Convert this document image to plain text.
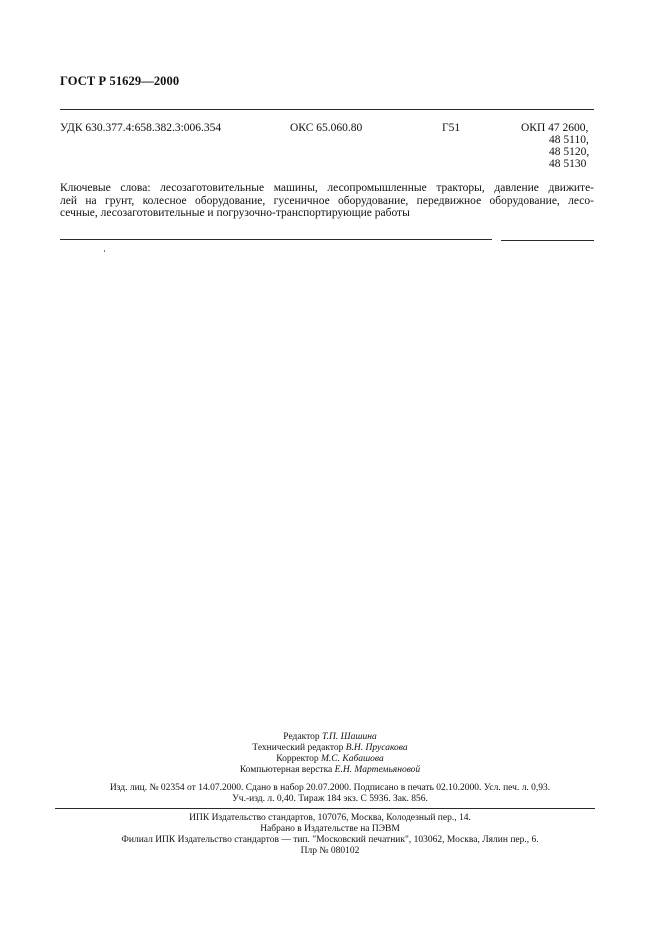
ГОСТ Р 51629—2000
УДК 630.377.4:658.382.3:006.354	ОКС 65.060.80	Г51	ОКП 47 2600,
48 5110,
48 5120,
48 5130
Ключевые слова: лесозаготовительные машины, лесопромышленные тракторы, давление движите-
лей на грунт, колесное оборудование, гусеничное оборудование, передвижное оборудование, лесо-
сечные, лесозаготовительные и погрузочно-транспортирующие работы
Редактор Т.П. Шашина
Технический редактор В.Н. Прусакова
Корректор М.С. Кабашова
Компьютерная верстка Е.Н. Мартемьяновой
Изд. лиц. № 02354 от 14.07.2000. Сдано в набор 20.07.2000. Подписано в печать 02.10.2000. Усл. печ. л. 0,93.
Уч.-изд. л. 0,40. Тираж 184 экз. С 5936. Зак. 856.
ИПК Издательство стандартов, 107076, Москва, Колодезный пер., 14.
Набрано в Издательстве на ПЭВМ
Филиал ИПК Издательство стандартов — тип. "Московский печатник", 103062, Москва, Лялин пер., 6.
Плр № 080102
